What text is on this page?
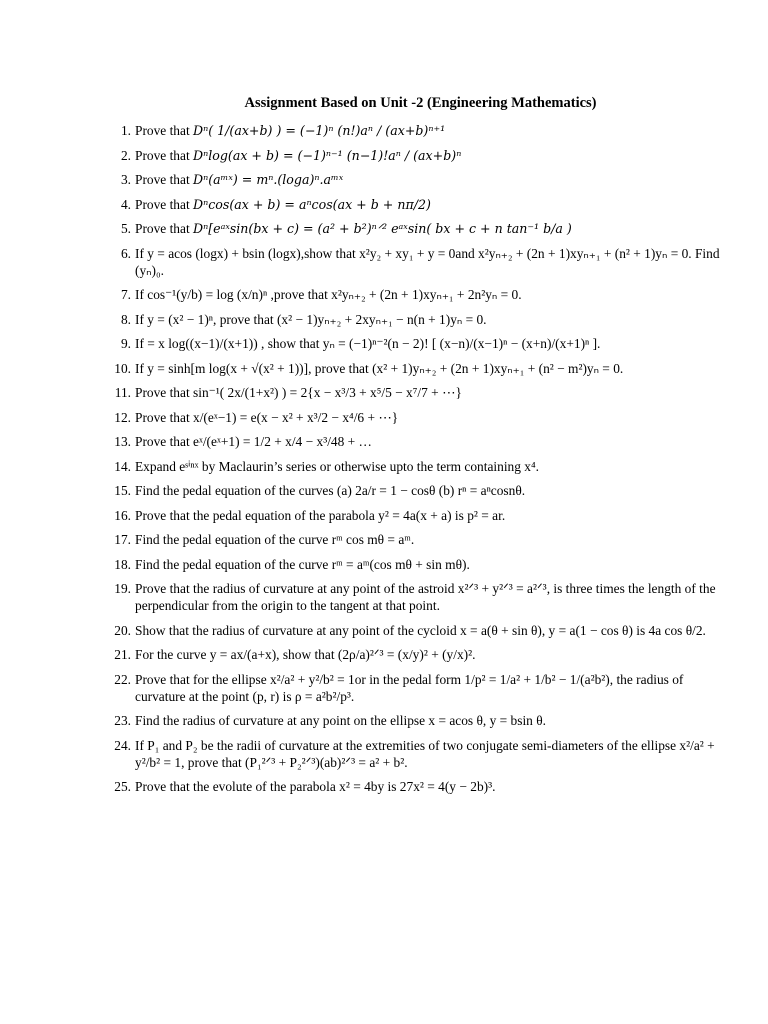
Assignment Based on Unit -2 (Engineering Mathematics)
1. Prove that Dⁿ( 1/(ax+b) ) = (−1)ⁿ (n!)aⁿ / (ax+b)ⁿ⁺¹
2. Prove that Dⁿlog(ax + b) = (−1)ⁿ⁻¹ (n−1)!aⁿ / (ax+b)ⁿ
3. Prove that Dⁿ(aᵐˣ) = mⁿ.(loga)ⁿ.aᵐˣ
4. Prove that Dⁿcos(ax + b) = aⁿcos(ax + b + nπ/2)
5. Prove that Dⁿ[eᵃˣsin(bx + c) = (a² + b²)ⁿᐟ² eᵃˣsin( bx + c + n tan⁻¹ b/a )
6. If y = acos (logx) + bsin (logx),show that x²y₂ + xy₁ + y = 0and x²yₙ₊₂ + (2n + 1)xyₙ₊₁ + (n² + 1)yₙ = 0. Find (yₙ)₀.
7. If cos⁻¹(y/b) = log (x/n)ⁿ ,prove that x²yₙ₊₂ + (2n + 1)xyₙ₊₁ + 2n²yₙ = 0.
8. If y = (x² − 1)ⁿ, prove that (x² − 1)yₙ₊₂ + 2xyₙ₊₁ − n(n + 1)yₙ = 0.
9. If = x log((x−1)/(x+1)) , show that yₙ = (−1)ⁿ⁻²(n − 2)! [ (x−n)/(x−1)ⁿ − (x+n)/(x+1)ⁿ ].
10. If y = sinh[m log(x + √(x² + 1))], prove that (x² + 1)yₙ₊₂ + (2n + 1)xyₙ₊₁ + (n² − m²)yₙ = 0.
11. Prove that sin⁻¹( 2x/(1+x²) ) = 2{x − x³/3 + x⁵/5 − x⁷/7 + ⋯}
12. Prove that x/(eˣ−1) = e(x − x² + x³/2 − x⁴/6 + ⋯}
13. Prove that eˣ/(eˣ+1) = 1/2 + x/4 − x³/48 + …
14. Expand eˢⁱⁿˣ by Maclaurin’s series or otherwise upto the term containing x⁴.
15. Find the pedal equation of the curves (a) 2a/r = 1 − cosθ (b) rⁿ = aⁿcosnθ.
16. Prove that the pedal equation of the parabola y² = 4a(x + a) is p² = ar.
17. Find the pedal equation of the curve rᵐ cos mθ = aᵐ.
18. Find the pedal equation of the curve rᵐ = aᵐ(cos mθ + sin mθ).
19. Prove that the radius of curvature at any point of the astroid x²ᐟ³ + y²ᐟ³ = a²ᐟ³, is three times the length of the perpendicular from the origin to the tangent at that point.
20. Show that the radius of curvature at any point of the cycloid x = a(θ + sin θ), y = a(1 − cos θ) is 4a cos θ/2.
21. For the curve y = ax/(a+x), show that (2ρ/a)²ᐟ³ = (x/y)² + (y/x)².
22. Prove that for the ellipse x²/a² + y²/b² = 1or in the pedal form 1/p² = 1/a² + 1/b² − 1/(a²b²), the radius of curvature at the point (p, r) is ρ = a²b²/p³.
23. Find the radius of curvature at any point on the ellipse x = acos θ, y = bsin θ.
24. If P₁ and P₂ be the radii of curvature at the extremities of two conjugate semi-diameters of the ellipse x²/a² + y²/b² = 1, prove that (P₁²ᐟ³ + P₂²ᐟ³)(ab)²ᐟ³ = a² + b².
25. Prove that the evolute of the parabola x² = 4by is 27x² = 4(y − 2b)³.
